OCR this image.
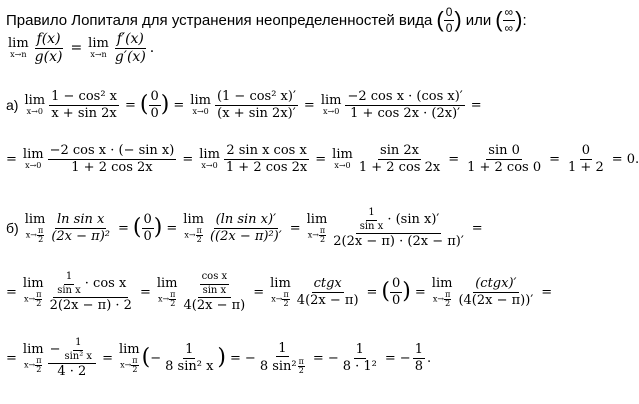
Правило Лопиталя для устранения неопределенностей вида ( 0
0 ) или ( ∞
∞ ) :
lim
$x\to n \frac{f(x)}{g(x)} = \lim$
x→n
f′(x)
g′(x)
.
а) lim
$x\to 0 \frac{\text{1 − cos² x}}{x + \sin 2x}$ = ( 0
0 ) = lim
$x\to 0 \frac{\text{(1 − cos² x)′}}{(x + \sin 2x)'} = \lim$
$x\to 0 \frac{\text{−2 cos x · (cos x)′}}{1 + \cos 2x \cdot (2x)'}$ =
= lim
$x\to 0 \frac{\text{−2 cos x · (− sin x)}}{1 + 2 \cos 2x} = \lim$
$x\to 0 \frac{\text{2 sin x cos x}}{1 + 2 \cos 2x} = \lim$
$x\to 0 \frac{\sin 2x}{1 + 2 \cos 2x} = \frac{\sin 0}{1 + 2 \cos 0} = \frac{0}{1 + 2} = 0$.
б)
lim
$x\to \frac{\pi}{2} \frac{\text{ln sin x}}{\text{(2x − π)²}}$ = ( 0
0 ) =
lim
$x\to \frac{\pi}{2} \frac{\text{(ln sin x)′}}{\text{((2x − π)²)′}}$ =
lim
$x\to \frac{\pi}{2} 1$
sin x · (sin x)′
2(2x − π) · (2x − π)′ =
=
lim
$x\to \frac{\pi}{2} 1$
sin x · cos x
2(2x − π) · 2 =
lim
$x\to \frac{\pi}{2} \frac{\frac{\text{cos x}}{\text{sin x}}}{4(2x - \pi)}$ =
lim
$x\to \frac{\pi}{2}$
ctgx
4(2x − π)
= ( 0
0 ) =
lim
$x\to \frac{\pi}{2}$
(ctgx)′
(4(2x − π))′
=
=
lim
$x\to \frac{\pi}{2} \frac{- \frac{1}{\text{sin² x}}}{4 \cdot 2}$ =
lim
$x\to \frac{\pi}{2}$ ( − $\frac{1}{\text{8 sin² x}}$ ) = − 1
8 sin² π
2 = − $\frac{1}{\text{8 · 1²}}$ = − $\frac{1}{8}$ .
